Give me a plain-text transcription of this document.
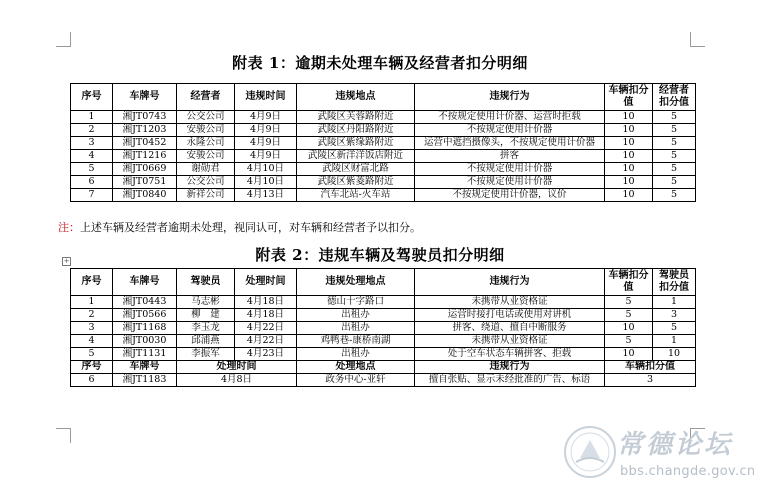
附表 1：逾期未处理车辆及经营者扣分明细
序号	车牌号	经营者	违规时间	违规地点	违规行为	车辆扣分值	经营者扣分值
1	湘JT0743	公交公司	4月9日	武陵区芙蓉路附近	不按规定使用计价器、运营时拒载	10	5
2	湘JT1203	安骏公司	4月9日	武陵区丹阳路附近	不按规定使用计价器	10	5
3	湘JT0452	永隆公司	4月9日	武陵区紫缘路附近	运营中遮挡摄像头，不按规定使用计价器	10	5
4	湘JT1216	安骏公司	4月9日	武陵区新洋洋饭店附近	拼客	10	5
5	湘JT0669	谢勋君	4月10日	武陵区财富北路	不按规定使用计价器	10	5
6	湘JT0751	公交公司	4月10日	武陵区紫菱路附近	不按规定使用计价器	10	5
7	湘JT0840	新祥公司	4月13日	汽车北站-火车站	不按规定使用计价器，议价	10	5
注：上述车辆及经营者逾期未处理，视同认可，对车辆和经营者予以扣分。
+	附表 2：违规车辆及驾驶员扣分明细
序号	车牌号	驾驶员	处理时间	违规处理地点	违规行为	车辆扣分值	驾驶员扣分值
1	湘JT0443	马志彬	4月18日	德山十字路口	未携带从业资格证	5	1
2	湘JT0566	柳　建	4月18日	出租办	运营时接打电话或使用对讲机	5	3
3	湘JT1168	李玉龙	4月22日	出租办	拼客、绕道、擅自中断服务	10	5
4	湘JT0030	邱浦燕	4月22日	鸡鸭巷-康桥南湖	未携带从业资格证	5	1
5	湘JT1131	李振军	4月23日	出租办	处于空车状态车辆拼客、拒载	10	10
序号	车牌号	处理时间		处理地点	违规行为	车辆扣分值	
6	湘JT1183	4月8日		政务中心-亚轩	擅自张贴、显示未经批准的广告、标语	3	
常德论坛
bbs.changde.gov.cn
